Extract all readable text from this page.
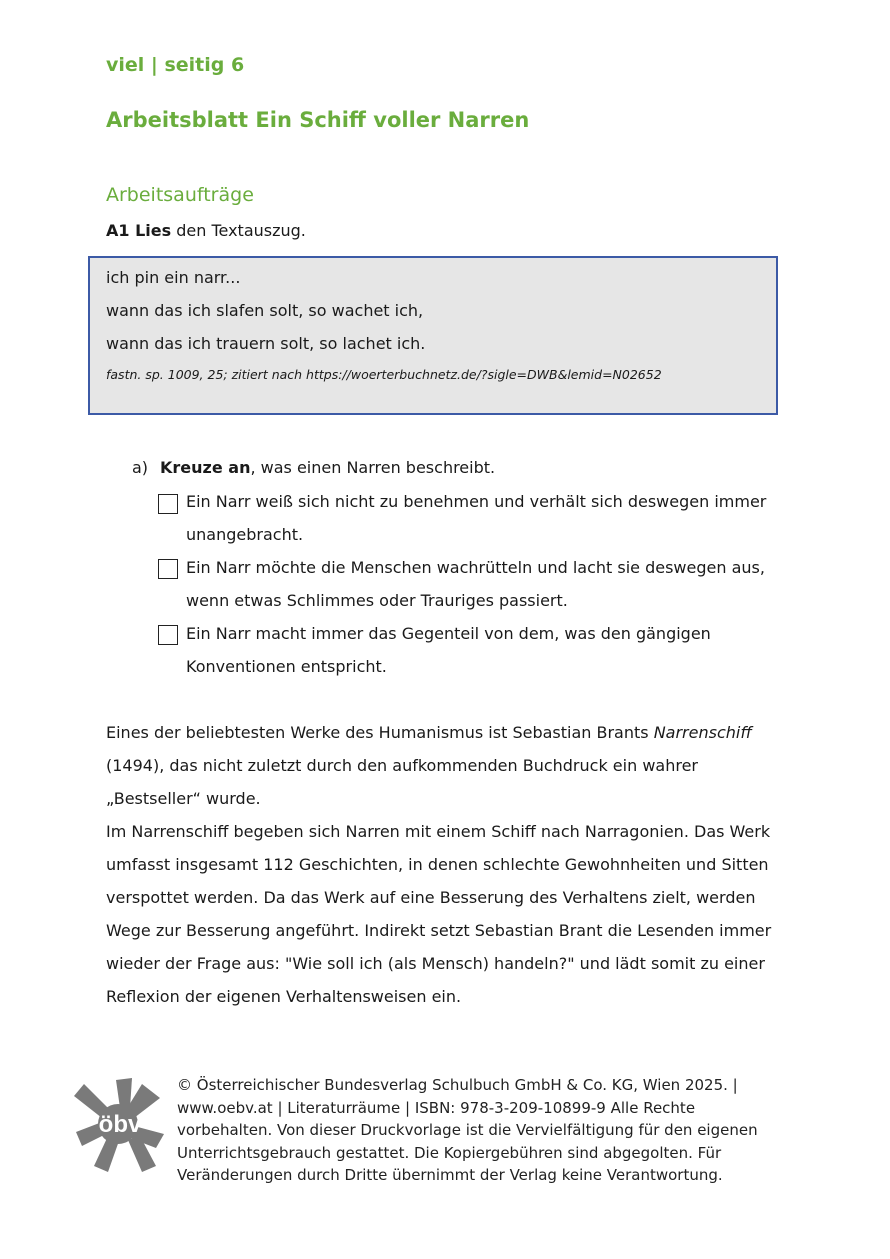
viel | seitig 6
Arbeitsblatt Ein Schiff voller Narren
Arbeitsaufträge
A1 Lies den Textauszug.
ich pin ein narr...
wann das ich slafen solt, so wachet ich,
wann das ich trauern solt, so lachet ich.
fastn. sp. 1009, 25; zitiert nach https://woerterbuchnetz.de/?sigle=DWB&lemid=N02652
a) Kreuze an, was einen Narren beschreibt.
Ein Narr weiß sich nicht zu benehmen und verhält sich deswegen immer unangebracht.
Ein Narr möchte die Menschen wachrütteln und lacht sie deswegen aus, wenn etwas Schlimmes oder Trauriges passiert.
Ein Narr macht immer das Gegenteil von dem, was den gängigen Konventionen entspricht.
Eines der beliebtesten Werke des Humanismus ist Sebastian Brants Narrenschiff (1494), das nicht zuletzt durch den aufkommenden Buchdruck ein wahrer „Bestseller“ wurde.
Im Narrenschiff begeben sich Narren mit einem Schiff nach Narragonien. Das Werk umfasst insgesamt 112 Geschichten, in denen schlechte Gewohnheiten und Sitten verspottet werden. Da das Werk auf eine Besserung des Verhaltens zielt, werden Wege zur Besserung angeführt. Indirekt setzt Sebastian Brant die Lesenden immer wieder der Frage aus: "Wie soll ich (als Mensch) handeln?" und lädt somit zu einer Reflexion der eigenen Verhaltensweisen ein.
öbv
© Österreichischer Bundesverlag Schulbuch GmbH & Co. KG, Wien 2025. | www.oebv.at | Literaturräume | ISBN: 978-3-209-10899-9 Alle Rechte vorbehalten. Von dieser Druckvorlage ist die Vervielfältigung für den eigenen Unterrichtsgebrauch gestattet. Die Kopiergebühren sind abgegolten. Für Veränderungen durch Dritte übernimmt der Verlag keine Verantwortung.
